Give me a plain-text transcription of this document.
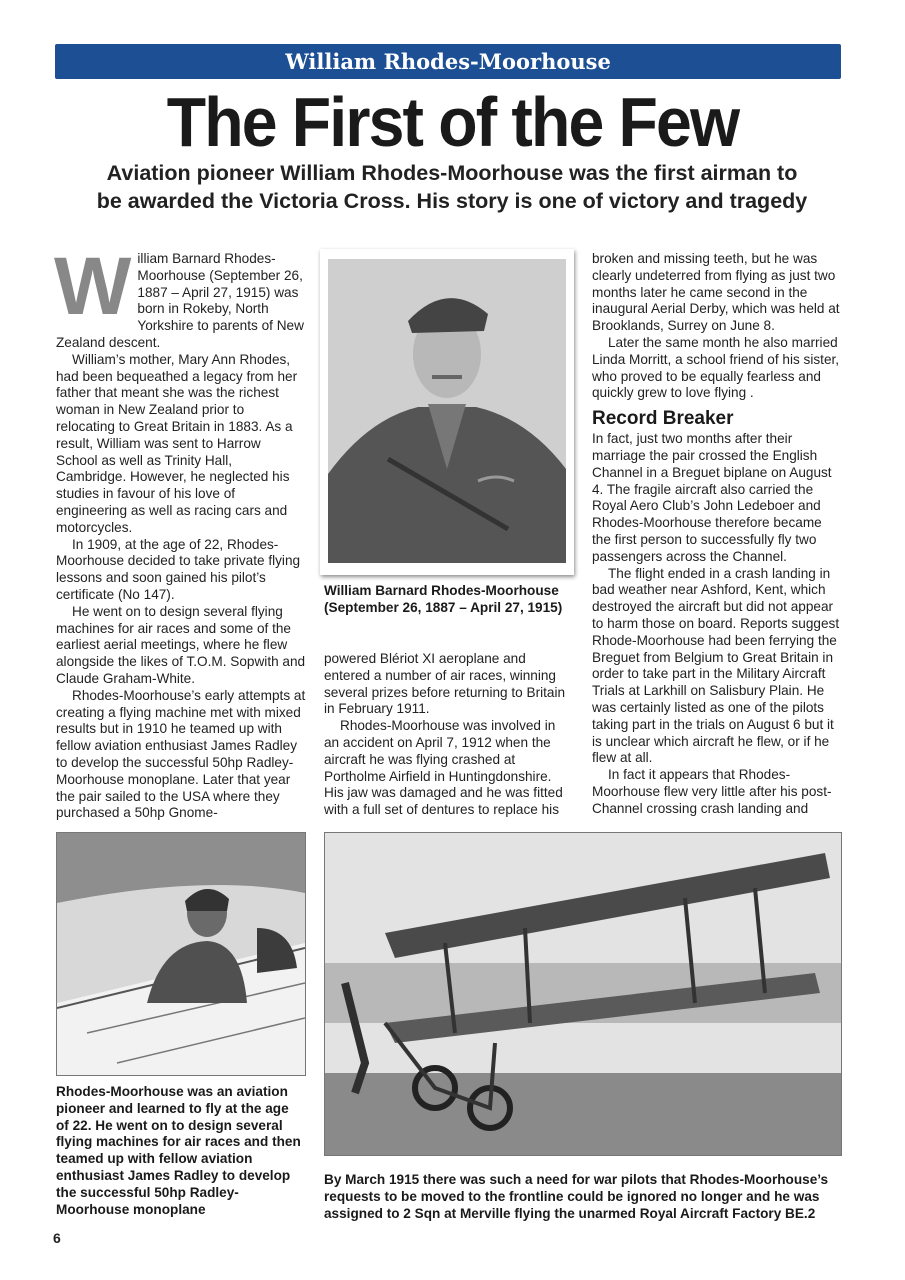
William Rhodes-Moorhouse
The First of the Few
Aviation pioneer William Rhodes-Moorhouse was the first airman to be awarded the Victoria Cross. His story is one of victory and tragedy

William Barnard Rhodes-Moorhouse (September 26, 1887 – April 27, 1915) was born in Rokeby, North Yorkshire to parents of New Zealand descent.

William’s mother, Mary Ann Rhodes, had been bequeathed a legacy from her father that meant she was the richest woman in New Zealand prior to relocating to Great Britain in 1883. As a result, William was sent to Harrow School as well as Trinity Hall, Cambridge. However, he neglected his studies in favour of his love of engineering as well as racing cars and motorcycles.

In 1909, at the age of 22, Rhodes-Moorhouse decided to take private flying lessons and soon gained his pilot’s certificate (No 147).

He went on to design several flying machines for air races and some of the earliest aerial meetings, where he flew alongside the likes of T.O.M. Sopwith and Claude Graham-White.

Rhodes-Moorhouse’s early attempts at creating a flying machine met with mixed results but in 1910 he teamed up with fellow aviation enthusiast James Radley to develop the successful 50hp Radley-Moorhouse monoplane. Later that year the pair sailed to the USA where they purchased a 50hp Gnome-

William Barnard Rhodes-Moorhouse (September 26, 1887 – April 27, 1915)

powered Blériot XI aeroplane and entered a number of air races, winning several prizes before returning to Britain in February 1911.

Rhodes-Moorhouse was involved in an accident on April 7, 1912 when the aircraft he was flying crashed at Portholme Airfield in Huntingdonshire. His jaw was damaged and he was fitted with a full set of dentures to replace his

broken and missing teeth, but he was clearly undeterred from flying as just two months later he came second in the inaugural Aerial Derby, which was held at Brooklands, Surrey on June 8.

Later the same month he also married Linda Morritt, a school friend of his sister, who proved to be equally fearless and quickly grew to love flying .

Record Breaker

In fact, just two months after their marriage the pair crossed the English Channel in a Breguet biplane on August 4. The fragile aircraft also carried the Royal Aero Club’s John Ledeboer and Rhodes-Moorhouse therefore became the first person to successfully fly two passengers across the Channel.

The flight ended in a crash landing in bad weather near Ashford, Kent, which destroyed the aircraft but did not appear to harm those on board. Reports suggest Rhode-Moorhouse had been ferrying the Breguet from Belgium to Great Britain in order to take part in the Military Aircraft Trials at Larkhill on Salisbury Plain. He was certainly listed as one of the pilots taking part in the trials on August 6 but it is unclear which aircraft he flew, or if he flew at all.

In fact it appears that Rhodes-Moorhouse flew very little after his post-Channel crossing crash landing and

Rhodes-Moorhouse was an aviation pioneer and learned to fly at the age of 22. He went on to design several flying machines for air races and then teamed up with fellow aviation enthusiast James Radley to develop the successful 50hp Radley-Moorhouse monoplane
By March 1915 there was such a need for war pilots that Rhodes-Moorhouse’s requests to be moved to the frontline could be ignored no longer and he was assigned to 2 Sqn at Merville flying the unarmed Royal Aircraft Factory BE.2
6
